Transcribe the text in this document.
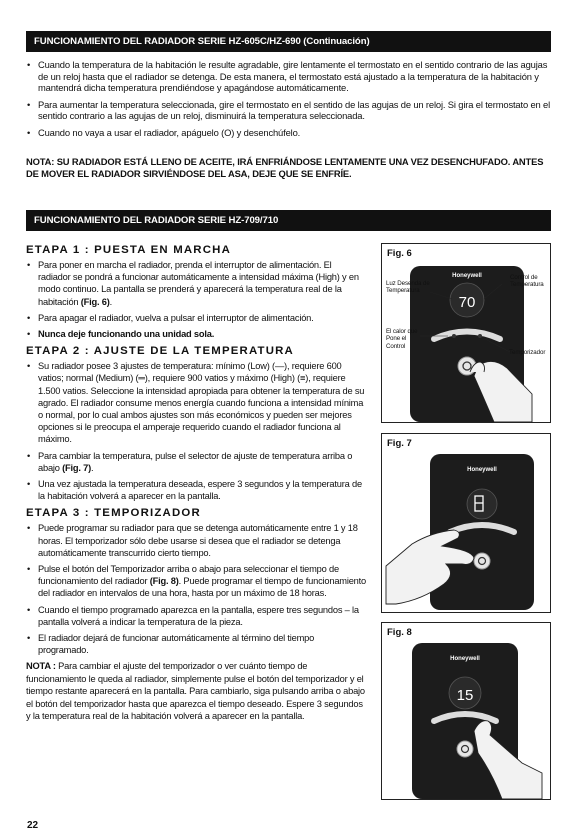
FUNCIONAMIENTO DEL RADIADOR SERIE HZ-605C/HZ-690 (Continuación)
• Cuando la temperatura de la habitación le resulte agradable, gire lentamente el termostato en el sentido contrario de las agujas de un reloj hasta que el radiador se detenga. De esta manera, el termostato está ajustado a la temperatura de la habitación y mantendrá dicha temperatura prendiéndose y apagándose automáticamente.
• Para aumentar la temperatura seleccionada, gire el termostato en el sentido de las agujas de un reloj. Si gira el termostato en el sentido contrario a las agujas de un reloj, disminuirá la temperatura seleccionada.
• Cuando no vaya a usar el radiador, apáguelo (O) y desenchúfelo.
NOTA: SU RADIADOR ESTÁ LLENO DE ACEITE, IRÁ ENFRIÁNDOSE LENTAMENTE UNA VEZ DESENCHUFADO. ANTES DE MOVER EL RADIADOR SIRVIÉNDOSE DEL ASA, DEJE QUE SE ENFRÍE.
FUNCIONAMIENTO DEL RADIADOR SERIE HZ-709/710
ETAPA 1 : PUESTA EN MARCHA
• Para poner en marcha el radiador, prenda el interruptor de alimentación. El radiador se pondrá a funcionar automáticamente a intensidad máxima (High) y en modo continuo. La pantalla se prenderá y aparecerá la temperatura real de la habitación (Fig. 6).
• Para apagar el radiador, vuelva a pulsar el interruptor de alimentación.
• Nunca deje funcionando una unidad sola.
ETAPA 2 : AJUSTE DE LA TEMPERATURA
• Su radiador posee 3 ajustes de temperatura: mínimo (Low) (—), requiere 600 vatios; normal (Medium) (═), requiere 900 vatios y máximo (High) (≡), requiere 1.500 vatios. Seleccione la intensidad apropiada para obtener la temperatura de su agrado. El radiador consume menos energía cuando funciona a intensidad mínima o normal, por lo cual ambos ajustes son más económicos y pueden ser mejores opciones si le preocupa el amperaje requerido cuando el radiador funciona al máximo.
• Para cambiar la temperatura, pulse el selector de ajuste de temperatura arriba o abajo (Fig. 7).
• Una vez ajustada la temperatura deseada, espere 3 segundos y la temperatura de la habitación volverá a aparecer en la pantalla.
ETAPA 3 : TEMPORIZADOR
• Puede programar su radiador para que se detenga automáticamente entre 1 y 18 horas. El temporizador sólo debe usarse si desea que el radiador se detenga automáticamente transcurrido cierto tiempo.
• Pulse el botón del Temporizador arriba o abajo para seleccionar el tiempo de funcionamiento del radiador (Fig. 8). Puede programar el tiempo de funcionamiento del radiador en intervalos de una hora, hasta por un máximo de 18 horas.
• Cuando el tiempo programado aparezca en la pantalla, espere tres segundos – la pantalla volverá a indicar la temperatura de la pieza.
• El radiador dejará de funcionar automáticamente al término del tiempo programado.

NOTA : Para cambiar el ajuste del temporizador o ver cuánto tiempo de funcionamiento le queda al radiador, simplemente pulse el botón del temporizador y el tiempo restante aparecerá en la pantalla. Para cambiarlo, siga pulsando arriba o abajo el botón del temporizador hasta que aparezca el tiempo deseado. Espere 3 segundos y la temperatura real de la habitación volverá a aparecer en la pantalla.

Honeywell
70
Fig. 6
Luz Desenda de Temperatura
Control de Temperatura
El calor que Pone el Control
Temporizador
Honeywell
Fig. 7
Honeywell
15
Fig. 8
22
